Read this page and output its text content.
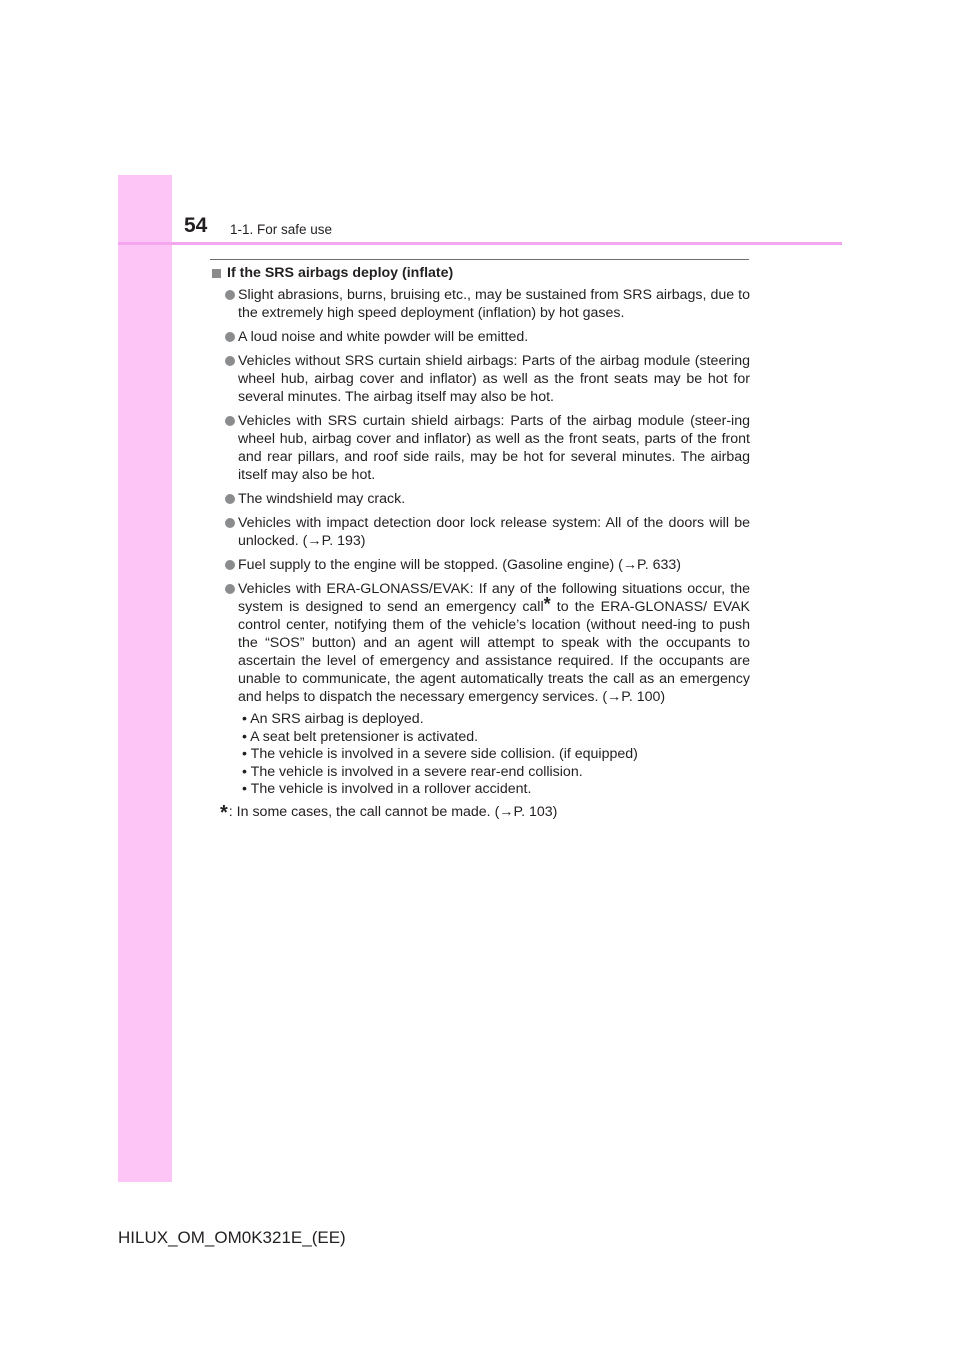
54 1-1. For safe use
If the SRS airbags deploy (inflate)
Slight abrasions, burns, bruising etc., may be sustained from SRS airbags, due to the extremely high speed deployment (inflation) by hot gases.
A loud noise and white powder will be emitted.
Vehicles without SRS curtain shield airbags: Parts of the airbag module (steering wheel hub, airbag cover and inflator) as well as the front seats may be hot for several minutes. The airbag itself may also be hot.
Vehicles with SRS curtain shield airbags: Parts of the airbag module (steer-ing wheel hub, airbag cover and inflator) as well as the front seats, parts of the front and rear pillars, and roof side rails, may be hot for several minutes. The airbag itself may also be hot.
The windshield may crack.
Vehicles with impact detection door lock release system: All of the doors will be unlocked. (→P. 193)
Fuel supply to the engine will be stopped. (Gasoline engine) (→P. 633)
Vehicles with ERA-GLONASS/EVAK: If any of the following situations occur, the system is designed to send an emergency call* to the ERA-GLONASS/ EVAK control center, notifying them of the vehicle’s location (without need-ing to push the “SOS” button) and an agent will attempt to speak with the occupants to ascertain the level of emergency and assistance required. If the occupants are unable to communicate, the agent automatically treats the call as an emergency and helps to dispatch the necessary emergency services. (→P. 100)
• An SRS airbag is deployed.
• A seat belt pretensioner is activated.
• The vehicle is involved in a severe side collision. (if equipped)
• The vehicle is involved in a severe rear-end collision.
• The vehicle is involved in a rollover accident.
*: In some cases, the call cannot be made. (→P. 103)
HILUX_OM_OM0K321E_(EE)
